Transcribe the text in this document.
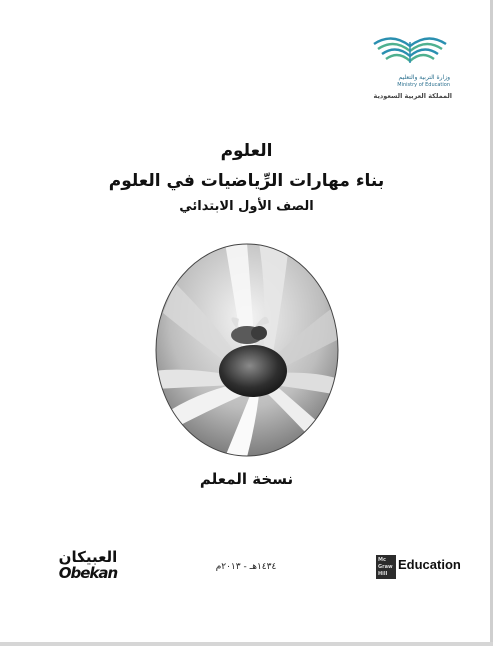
وزارة التربية والتعليم
Ministry of Education
المملكة العربية السعودية
العلوم
بناء مهارات الرِّياضيات في العلوم
الصف الأول الابتدائي
نسخة المعلم
العبيكان
Obekan	١٤٣٤هـ - ٢٠١٣م
Mc
Graw
Hill
Education
